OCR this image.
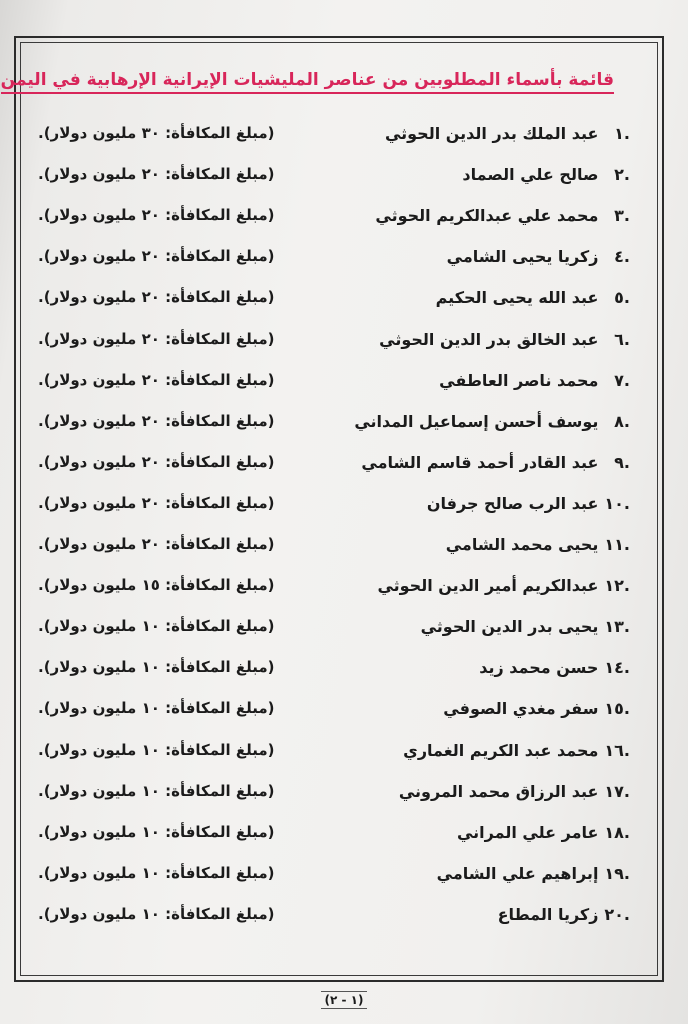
قائمة بأسماء المطلوبين من عناصر المليشيات الإيرانية الإرهابية في اليمن
.١ عبد الملك بدر الدين الحوثي
(مبلغ المكافأة: ٣٠ مليون دولار).
.٢ صالح علي الصماد
(مبلغ المكافأة: ٢٠ مليون دولار).
.٣ محمد علي عبدالكريم الحوثي
(مبلغ المكافأة: ٢٠ مليون دولار).
.٤ زكريا يحيى الشامي
(مبلغ المكافأة: ٢٠ مليون دولار).
.٥ عبد الله يحيى الحكيم
(مبلغ المكافأة: ٢٠ مليون دولار).
.٦ عبد الخالق بدر الدين الحوثي
(مبلغ المكافأة: ٢٠ مليون دولار).
.٧ محمد ناصر العاطفي
(مبلغ المكافأة: ٢٠ مليون دولار).
.٨ يوسف أحسن إسماعيل المداني
(مبلغ المكافأة: ٢٠ مليون دولار).
.٩ عبد القادر أحمد قاسم الشامي
(مبلغ المكافأة: ٢٠ مليون دولار).
.١٠ عبد الرب صالح جرفان
(مبلغ المكافأة: ٢٠ مليون دولار).
.١١ يحيى محمد الشامي
(مبلغ المكافأة: ٢٠ مليون دولار).
.١٢ عبدالكريم أمير الدين الحوثي
(مبلغ المكافأة: ١٥ مليون دولار).
.١٣ يحيى بدر الدين الحوثي
(مبلغ المكافأة: ١٠ مليون دولار).
.١٤ حسن محمد زيد
(مبلغ المكافأة: ١٠ مليون دولار).
.١٥ سفر مغدي الصوفي
(مبلغ المكافأة: ١٠ مليون دولار).
.١٦ محمد عبد الكريم الغماري
(مبلغ المكافأة: ١٠ مليون دولار).
.١٧ عبد الرزاق محمد المروني
(مبلغ المكافأة: ١٠ مليون دولار).
.١٨ عامر علي المراني
(مبلغ المكافأة: ١٠ مليون دولار).
.١٩ إبراهيم علي الشامي
(مبلغ المكافأة: ١٠ مليون دولار).
.٢٠ زكريا المطاع
(مبلغ المكافأة: ١٠ مليون دولار).
(١ - ٢)
